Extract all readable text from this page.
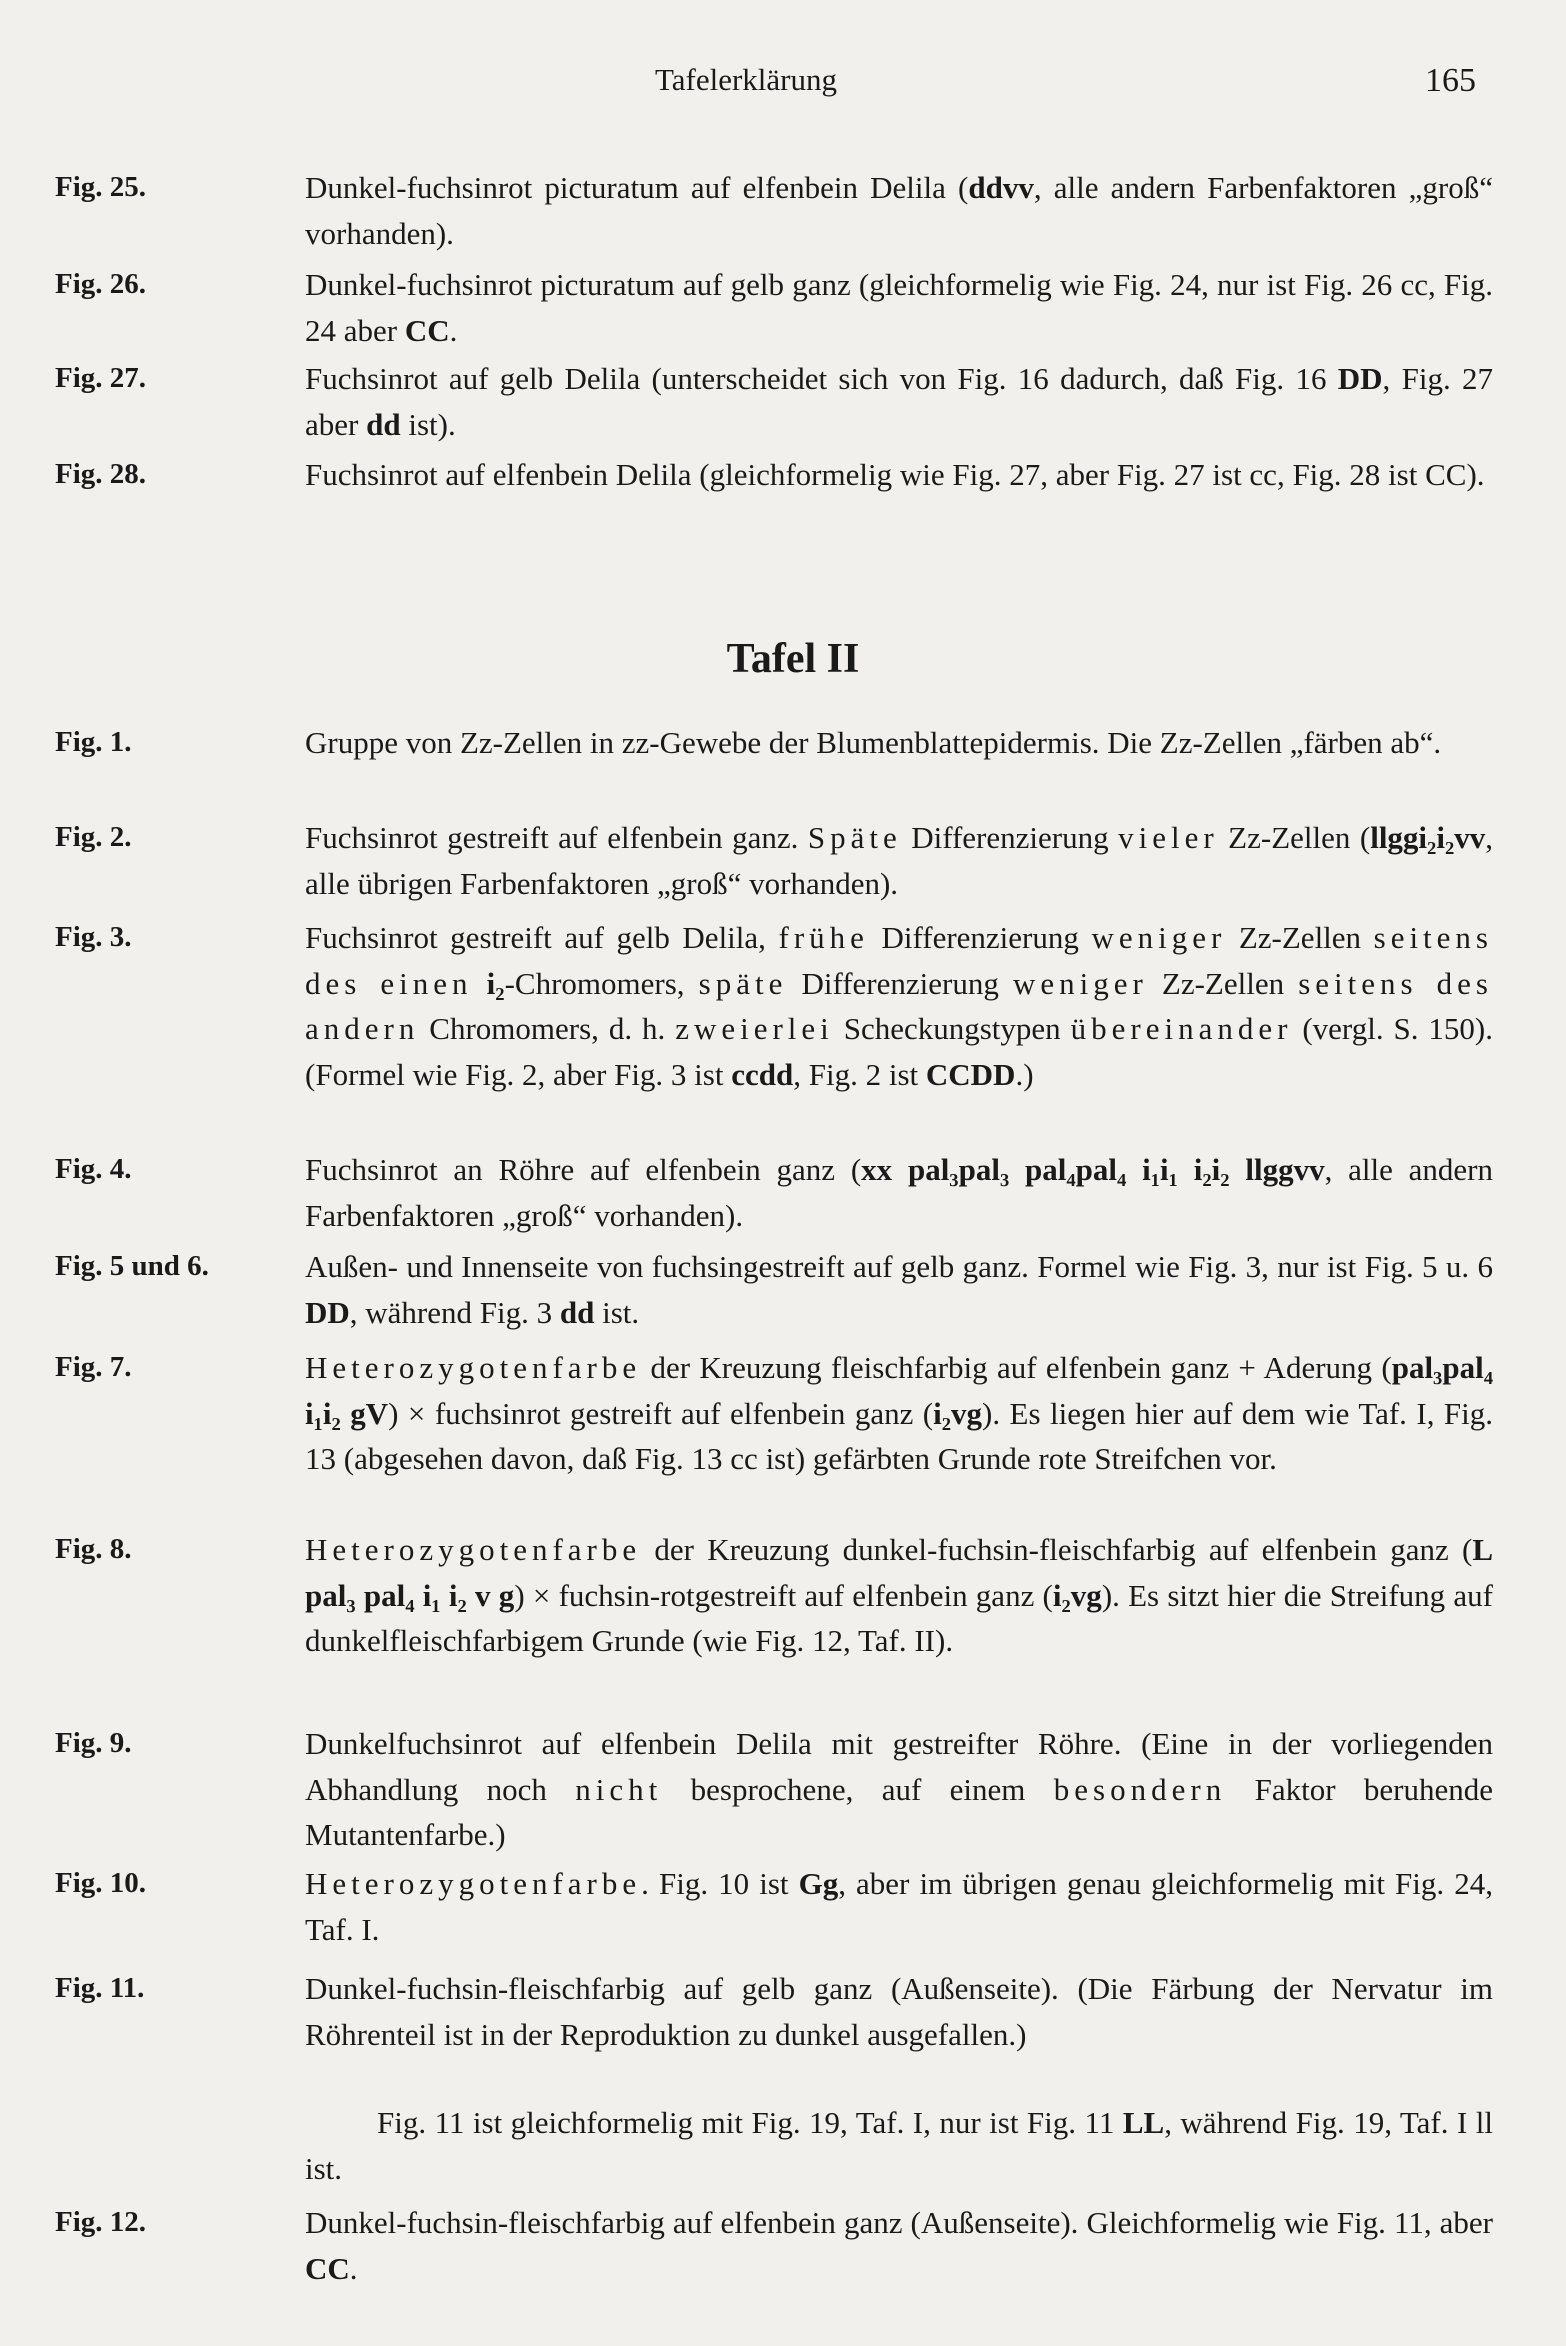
Tafelerklärung	165
Tafel II
Fig. 25.	Dunkel-fuchsinrot picturatum auf elfenbein Delila (ddvv, alle andern Farbenfaktoren „groß“ vorhanden).
Fig. 26.	Dunkel-fuchsinrot picturatum auf gelb ganz (gleichformelig wie Fig. 24, nur ist Fig. 26 cc, Fig. 24 aber CC.
Fig. 27.	Fuchsinrot auf gelb Delila (unterscheidet sich von Fig. 16 dadurch, daß Fig. 16 DD, Fig. 27 aber dd ist).
Fig. 28.	Fuchsinrot auf elfenbein Delila (gleichformelig wie Fig. 27, aber Fig. 27 ist cc, Fig. 28 ist CC).
Fig. 1.	Gruppe von Zz-Zellen in zz-Gewebe der Blumenblattepidermis. Die Zz-Zellen „färben ab“.
Fig. 2.	Fuchsinrot gestreift auf elfenbein ganz. Späte Differenzierung vieler Zz-Zellen (llggi₂i₂vv, alle übrigen Farbenfaktoren „groß“ vorhanden).
Fig. 3.	Fuchsinrot gestreift auf gelb Delila, frühe Differenzierung weniger Zz-Zellen seitens des einen i₂-Chromomers, späte Differenzierung weniger Zz-Zellen seitens des andern Chromomers, d. h. zweierlei Scheckungstypen übereinander (vergl. S. 150). (Formel wie Fig. 2, aber Fig. 3 ist ccdd, Fig. 2 ist CCDD.)
Fig. 4.	Fuchsinrot an Röhre auf elfenbein ganz (xx pal₃pal₃ pal₄pal₄ i₁i₁ i₂i₂ llggvv, alle andern Farbenfaktoren „groß“ vorhanden).
Fig. 5 und 6.	Außen- und Innenseite von fuchsingestreift auf gelb ganz. Formel wie Fig. 3, nur ist Fig. 5 u. 6 DD, während Fig. 3 dd ist.
Fig. 7.	Heterozygotenfarbe der Kreuzung fleischfarbig auf elfenbein ganz + Aderung (pal₃pal₄ i₁i₂ gV) × fuchsinrot gestreift auf elfenbein ganz (i₂vg). Es liegen hier auf dem wie Taf. I, Fig. 13 (abgesehen davon, daß Fig. 13 cc ist) gefärbten Grunde rote Streifchen vor.
Fig. 8.	Heterozygotenfarbe der Kreuzung dunkel-fuchsin-fleischfarbig auf elfenbein ganz (L pal₃ pal₄ i₁ i₂ v g) × fuchsin-rotgestreift auf elfenbein ganz (i₂vg). Es sitzt hier die Streifung auf dunkelfleischfarbigem Grunde (wie Fig. 12, Taf. II).
Fig. 9.	Dunkelfuchsinrot auf elfenbein Delila mit gestreifter Röhre. (Eine in der vorliegenden Abhandlung noch nicht besprochene, auf einem besondern Faktor beruhende Mutantenfarbe.)
Fig. 10.	Heterozygotenfarbe. Fig. 10 ist Gg, aber im übrigen genau gleichformelig mit Fig. 24, Taf. I.
Fig. 11.	Dunkel-fuchsin-fleischfarbig auf gelb ganz (Außenseite). (Die Färbung der Nervatur im Röhrenteil ist in der Reproduktion zu dunkel ausgefallen.)
Fig. 11 ist gleichformelig mit Fig. 19, Taf. I, nur ist Fig. 11 LL, während Fig. 19, Taf. I ll ist.
Fig. 12.	Dunkel-fuchsin-fleischfarbig auf elfenbein ganz (Außenseite). Gleichformelig wie Fig. 11, aber CC.
